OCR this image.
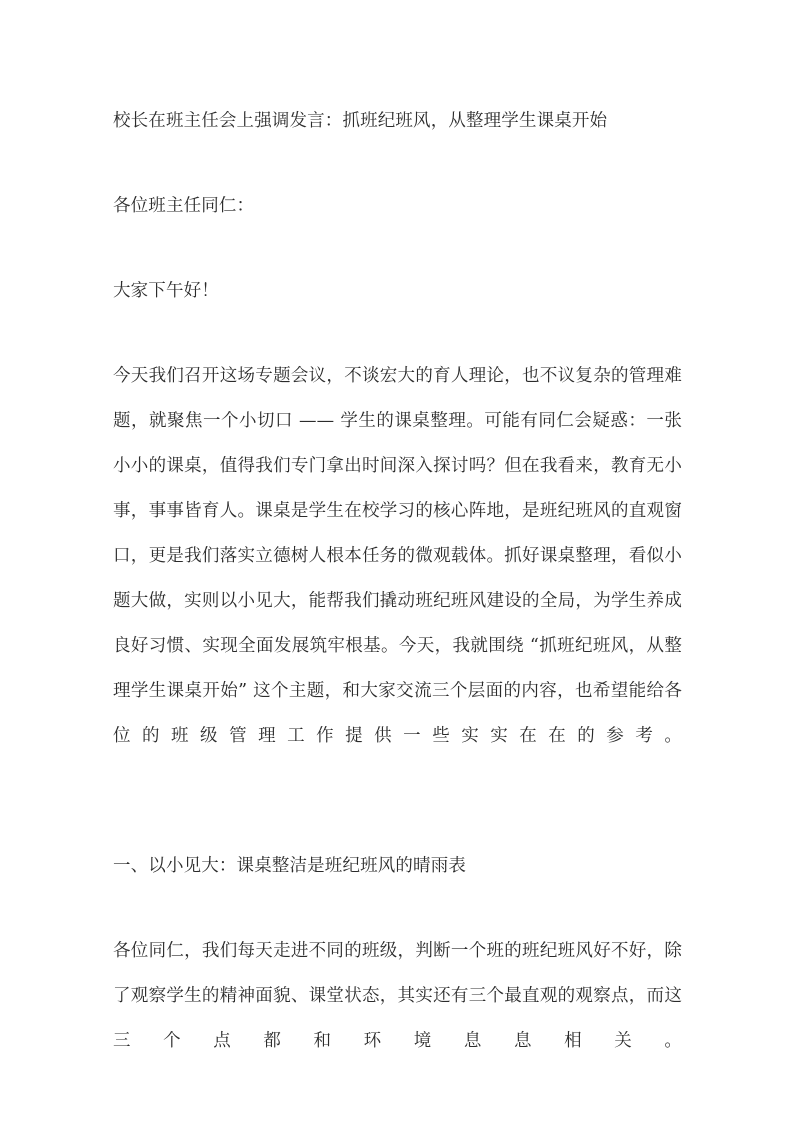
校长在班主任会上强调发言：抓班纪班风，从整理学生课桌开始

各位班主任同仁：

大家下午好！

今天我们召开这场专题会议，不谈宏大的育人理论，也不议复杂的管理难题，就聚焦一个小切口 —— 学生的课桌整理。可能有同仁会疑惑：一张小小的课桌，值得我们专门拿出时间深入探讨吗？但在我看来，教育无小事，事事皆育人。课桌是学生在校学习的核心阵地，是班纪班风的直观窗口，更是我们落实立德树人根本任务的微观载体。抓好课桌整理，看似小题大做，实则以小见大，能帮我们撬动班纪班风建设的全局，为学生养成良好习惯、实现全面发展筑牢根基。今天，我就围绕 “抓班纪班风，从整理学生课桌开始” 这个主题，和大家交流三个层面的内容，也希望能给各位的班级管理工作提供一些实实在在的参考。

一、以小见大：课桌整洁是班纪班风的晴雨表

各位同仁，我们每天走进不同的班级，判断一个班的班纪班风好不好，除了观察学生的精神面貌、课堂状态，其实还有三个最直观的观察点，而这三个点都和环境息息相关。
